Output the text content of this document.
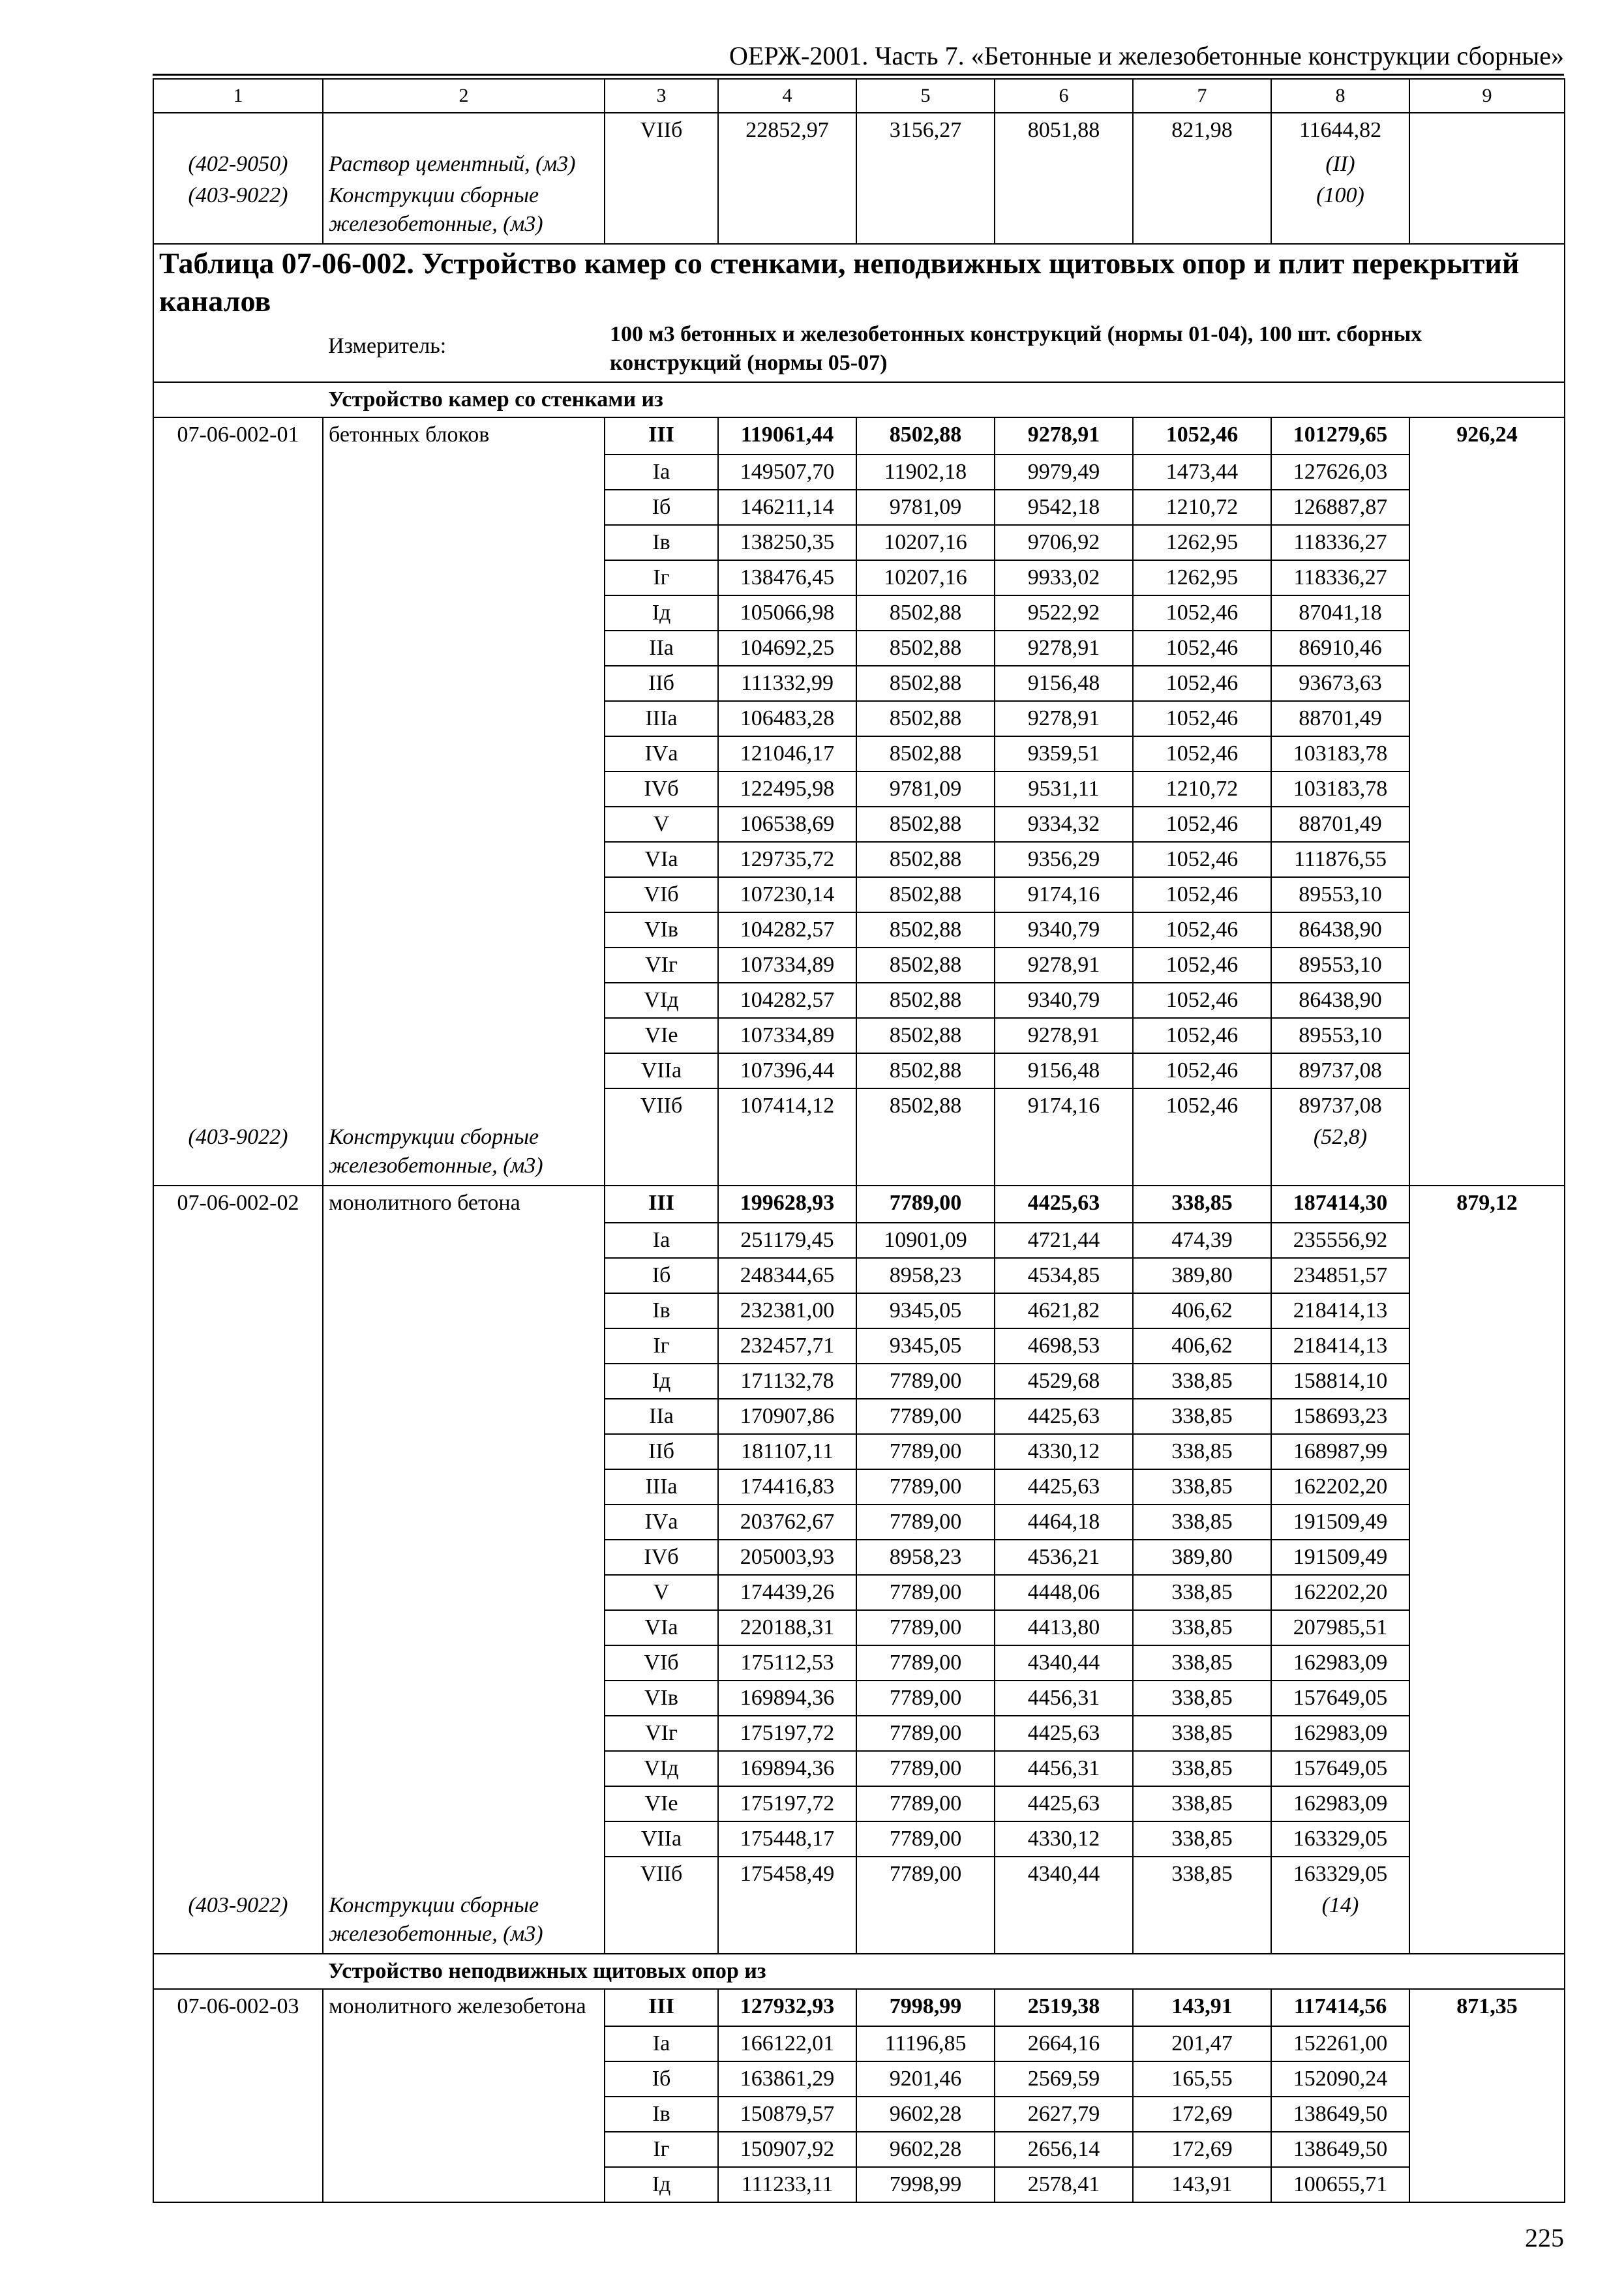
ОЕРЖ-2001. Часть 7. «Бетонные и железобетонные конструкции сборные»
1	2	3	4	5	6	7	8	9
		VIIб	22852,97	3156,27	8051,88	821,98	11644,82	
(402-9050)	Раствор цементный, (м3)						(II)	
(403-9022)	Конструкции сборные железобетонные, (м3)						(100)	
Таблица 07-06-002. Устройство камер со стенками, неподвижных щитовых опор и плит перекрытий каналов								
	Измеритель:	100 м3 бетонных и железобетонных конструкций (нормы 01-04), 100 шт. сборных конструкций (нормы 05-07)						
	Устройство камер со стенками из							
07-06-002-01	бетонных блоков	III	119061,44	8502,88	9278,91	1052,46	101279,65	926,24
		Iа	149507,70	11902,18	9979,49	1473,44	127626,03	
		Iб	146211,14	9781,09	9542,18	1210,72	126887,87	
		Iв	138250,35	10207,16	9706,92	1262,95	118336,27	
		Iг	138476,45	10207,16	9933,02	1262,95	118336,27	
		Iд	105066,98	8502,88	9522,92	1052,46	87041,18	
		IIа	104692,25	8502,88	9278,91	1052,46	86910,46	
		IIб	111332,99	8502,88	9156,48	1052,46	93673,63	
		IIIа	106483,28	8502,88	9278,91	1052,46	88701,49	
		IVа	121046,17	8502,88	9359,51	1052,46	103183,78	
		IVб	122495,98	9781,09	9531,11	1210,72	103183,78	
		V	106538,69	8502,88	9334,32	1052,46	88701,49	
		VIа	129735,72	8502,88	9356,29	1052,46	111876,55	
		VIб	107230,14	8502,88	9174,16	1052,46	89553,10	
		VIв	104282,57	8502,88	9340,79	1052,46	86438,90	
		VIг	107334,89	8502,88	9278,91	1052,46	89553,10	
		VIд	104282,57	8502,88	9340,79	1052,46	86438,90	
		VIе	107334,89	8502,88	9278,91	1052,46	89553,10	
		VIIа	107396,44	8502,88	9156,48	1052,46	89737,08	
		VIIб	107414,12	8502,88	9174,16	1052,46	89737,08	
(403-9022)	Конструкции сборные железобетонные, (м3)						(52,8)	
07-06-002-02	монолитного бетона	III	199628,93	7789,00	4425,63	338,85	187414,30	879,12
		Iа	251179,45	10901,09	4721,44	474,39	235556,92	
		Iб	248344,65	8958,23	4534,85	389,80	234851,57	
		Iв	232381,00	9345,05	4621,82	406,62	218414,13	
		Iг	232457,71	9345,05	4698,53	406,62	218414,13	
		Iд	171132,78	7789,00	4529,68	338,85	158814,10	
		IIа	170907,86	7789,00	4425,63	338,85	158693,23	
		IIб	181107,11	7789,00	4330,12	338,85	168987,99	
		IIIа	174416,83	7789,00	4425,63	338,85	162202,20	
		IVа	203762,67	7789,00	4464,18	338,85	191509,49	
		IVб	205003,93	8958,23	4536,21	389,80	191509,49	
		V	174439,26	7789,00	4448,06	338,85	162202,20	
		VIа	220188,31	7789,00	4413,80	338,85	207985,51	
		VIб	175112,53	7789,00	4340,44	338,85	162983,09	
		VIв	169894,36	7789,00	4456,31	338,85	157649,05	
		VIг	175197,72	7789,00	4425,63	338,85	162983,09	
		VIд	169894,36	7789,00	4456,31	338,85	157649,05	
		VIе	175197,72	7789,00	4425,63	338,85	162983,09	
		VIIа	175448,17	7789,00	4330,12	338,85	163329,05	
		VIIб	175458,49	7789,00	4340,44	338,85	163329,05	
(403-9022)	Конструкции сборные железобетонные, (м3)						(14)	
	Устройство неподвижных щитовых опор из							
07-06-002-03	монолитного железобетона	III	127932,93	7998,99	2519,38	143,91	117414,56	871,35
		Iа	166122,01	11196,85	2664,16	201,47	152261,00	
		Iб	163861,29	9201,46	2569,59	165,55	152090,24	
		Iв	150879,57	9602,28	2627,79	172,69	138649,50	
		Iг	150907,92	9602,28	2656,14	172,69	138649,50	
		Iд	111233,11	7998,99	2578,41	143,91	100655,71	
225
